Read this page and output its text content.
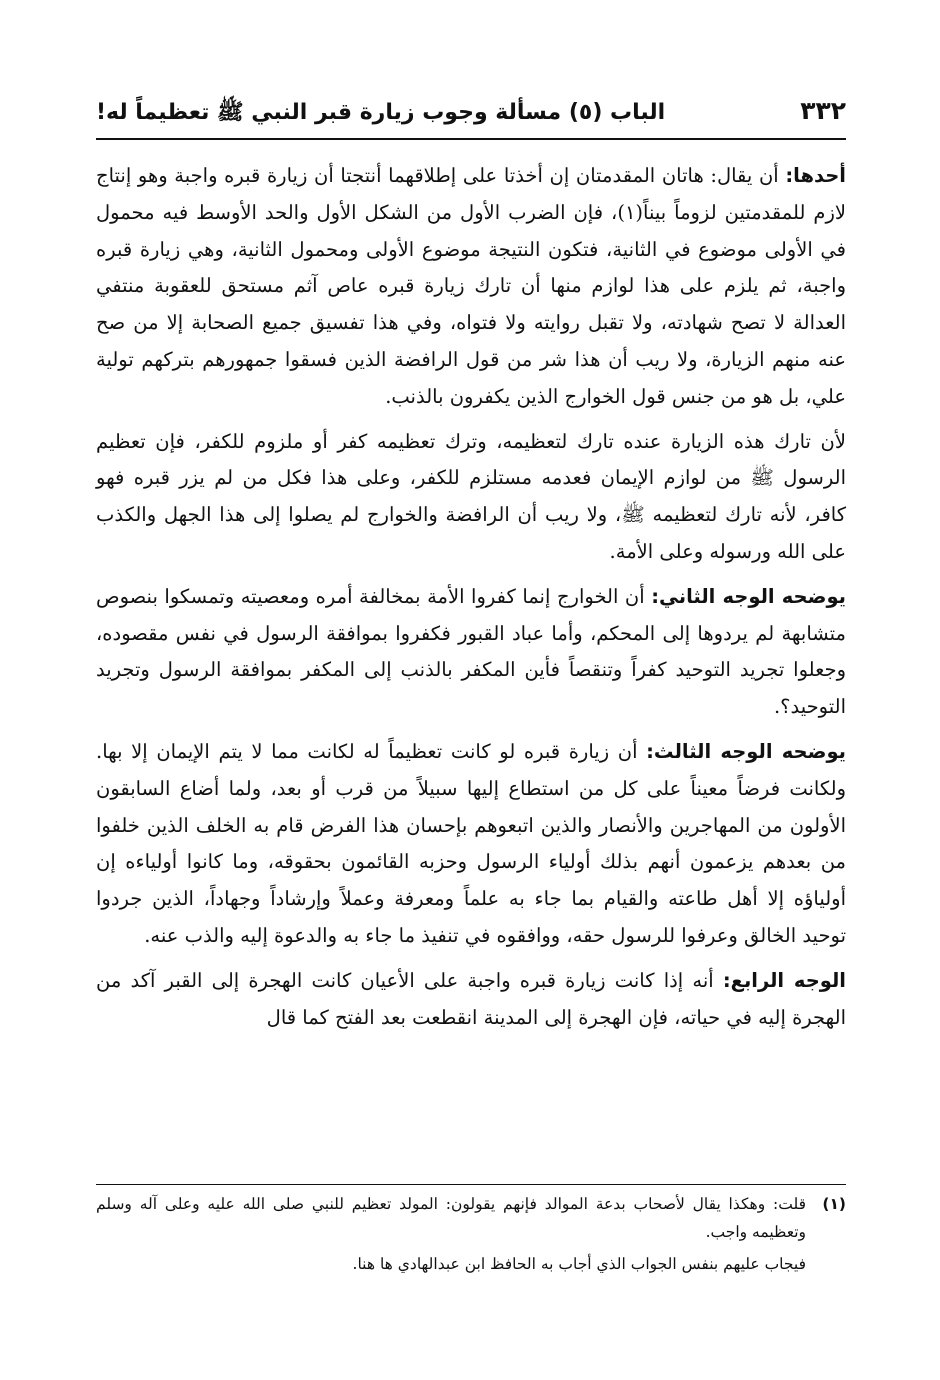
٣٣٢
الباب (٥) مسألة وجوب زيارة قبر النبي ﷺ تعظيماً له!

أحدها: أن يقال: هاتان المقدمتان إن أخذتا على إطلاقهما أنتجتا أن زيارة قبره واجبة وهو إنتاج لازم للمقدمتين لزوماً بيناً(١)، فإن الضرب الأول من الشكل الأول والحد الأوسط فيه محمول في الأولى موضوع في الثانية، فتكون النتيجة موضوع الأولى ومحمول الثانية، وهي زيارة قبره واجبة، ثم يلزم على هذا لوازم منها أن تارك زيارة قبره عاص آثم مستحق للعقوبة منتفي العدالة لا تصح شهادته، ولا تقبل روايته ولا فتواه، وفي هذا تفسيق جميع الصحابة إلا من صح عنه منهم الزيارة، ولا ريب أن هذا شر من قول الرافضة الذين فسقوا جمهورهم بتركهم تولية علي، بل هو من جنس قول الخوارج الذين يكفرون بالذنب.

لأن تارك هذه الزيارة عنده تارك لتعظيمه، وترك تعظيمه كفر أو ملزوم للكفر، فإن تعظيم الرسول ﷺ من لوازم الإيمان فعدمه مستلزم للكفر، وعلى هذا فكل من لم يزر قبره فهو كافر، لأنه تارك لتعظيمه ﷺ، ولا ريب أن الرافضة والخوارج لم يصلوا إلى هذا الجهل والكذب على الله ورسوله وعلى الأمة.

يوضحه الوجه الثاني: أن الخوارج إنما كفروا الأمة بمخالفة أمره ومعصيته وتمسكوا بنصوص متشابهة لم يردوها إلى المحكم، وأما عباد القبور فكفروا بموافقة الرسول في نفس مقصوده، وجعلوا تجريد التوحيد كفراً وتنقصاً فأين المكفر بالذنب إلى المكفر بموافقة الرسول وتجريد التوحيد؟.

يوضحه الوجه الثالث: أن زيارة قبره لو كانت تعظيماً له لكانت مما لا يتم الإيمان إلا بها. ولكانت فرضاً معيناً على كل من استطاع إليها سبيلاً من قرب أو بعد، ولما أضاع السابقون الأولون من المهاجرين والأنصار والذين اتبعوهم بإحسان هذا الفرض قام به الخلف الذين خلفوا من بعدهم يزعمون أنهم بذلك أولياء الرسول وحزبه القائمون بحقوقه، وما كانوا أولياءه إن أولياؤه إلا أهل طاعته والقيام بما جاء به علماً ومعرفة وعملاً وإرشاداً وجهاداً، الذين جردوا توحيد الخالق وعرفوا للرسول حقه، ووافقوه في تنفيذ ما جاء به والدعوة إليه والذب عنه.

الوجه الرابع: أنه إذا كانت زيارة قبره واجبة على الأعيان كانت الهجرة إلى القبر آكد من الهجرة إليه في حياته، فإن الهجرة إلى المدينة انقطعت بعد الفتح كما قال

(١)
قلت: وهكذا يقال لأصحاب بدعة الموالد فإنهم يقولون: المولد تعظيم للنبي صلى الله عليه وعلى آله وسلم وتعظيمه واجب.
فيجاب عليهم بنفس الجواب الذي أجاب به الحافظ ابن عبدالهادي ها هنا.
